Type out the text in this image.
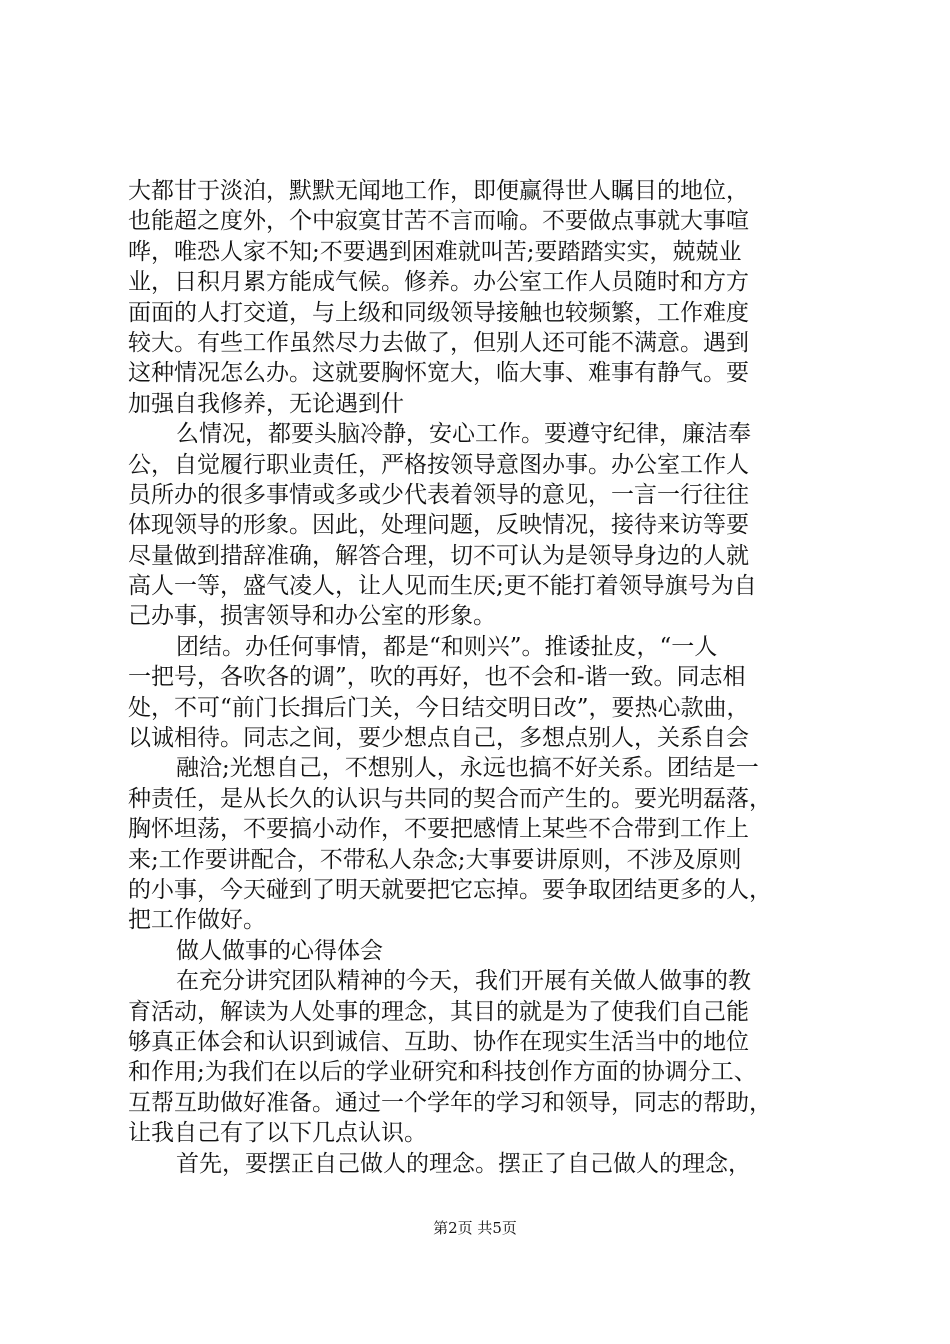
大都甘于淡泊，默默无闻地工作，即便赢得世人瞩目的地位，
也能超之度外，个中寂寞甘苦不言而喻。不要做点事就大事喧
哗，唯恐人家不知;不要遇到困难就叫苦;要踏踏实实，兢兢业
业，日积月累方能成气候。修养。办公室工作人员随时和方方
面面的人打交道，与上级和同级领导接触也较频繁，工作难度
较大。有些工作虽然尽力去做了，但别人还可能不满意。遇到
这种情况怎么办。这就要胸怀宽大，临大事、难事有静气。要
加强自我修养，无论遇到什
么情况，都要头脑冷静，安心工作。要遵守纪律，廉洁奉
公，自觉履行职业责任，严格按领导意图办事。办公室工作人
员所办的很多事情或多或少代表着领导的意见，一言一行往往
体现领导的形象。因此，处理问题，反映情况，接待来访等要
尽量做到措辞准确，解答合理，切不可认为是领导身边的人就
高人一等，盛气凌人，让人见而生厌;更不能打着领导旗号为自
己办事，损害领导和办公室的形象。
团结。办任何事情，都是“和则兴”。推诿扯皮，“一人
一把号，各吹各的调”，吹的再好，也不会和-谐一致。同志相
处，不可“前门长揖后门关，今日结交明日改”，要热心款曲，
以诚相待。同志之间，要少想点自己，多想点别人，关系自会
融洽;光想自己，不想别人，永远也搞不好关系。团结是一
种责任，是从长久的认识与共同的契合而产生的。要光明磊落，
胸怀坦荡，不要搞小动作，不要把感情上某些不合带到工作上
来;工作要讲配合，不带私人杂念;大事要讲原则，不涉及原则
的小事，今天碰到了明天就要把它忘掉。要争取团结更多的人，
把工作做好。
做人做事的心得体会
在充分讲究团队精神的今天，我们开展有关做人做事的教
育活动，解读为人处事的理念，其目的就是为了使我们自己能
够真正体会和认识到诚信、互助、协作在现实生活当中的地位
和作用;为我们在以后的学业研究和科技创作方面的协调分工、
互帮互助做好准备。通过一个学年的学习和领导，同志的帮助，
让我自己有了以下几点认识。
首先，要摆正自己做人的理念。摆正了自己做人的理念，
第2页 共5页
